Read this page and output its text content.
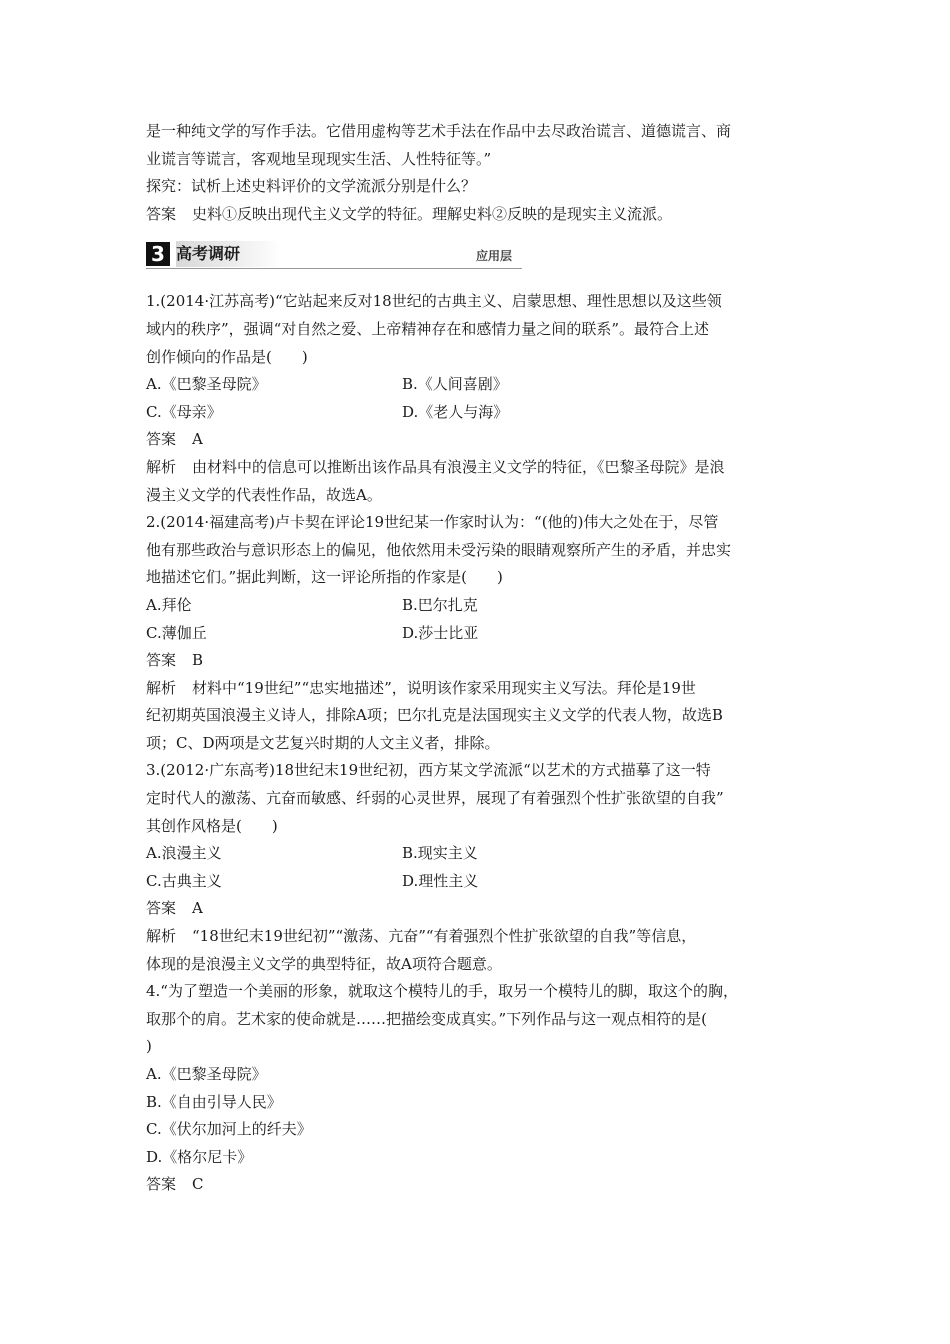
是一种纯文学的写作手法。它借用虚构等艺术手法在作品中去尽政治谎言、道德谎言、商
业谎言等谎言，客观地呈现现实生活、人性特征等。”
探究：试析上述史料评价的文学流派分别是什么？
答案 史料①反映出现代主义文学的特征。理解史料②反映的是现实主义流派。
3 高考调研	应用层
1.(2014·江苏高考)“它站起来反对18世纪的古典主义、启蒙思想、理性思想以及这些领
域内的秩序”，强调“对自然之爱、上帝精神存在和感情力量之间的联系”。最符合上述
创作倾向的作品是(　　)
A.《巴黎圣母院》	B.《人间喜剧》
C.《母亲》	D.《老人与海》
答案 A
解析 由材料中的信息可以推断出该作品具有浪漫主义文学的特征，《巴黎圣母院》是浪
漫主义文学的代表性作品，故选A。
2.(2014·福建高考)卢卡契在评论19世纪某一作家时认为：“(他的)伟大之处在于，尽管
他有那些政治与意识形态上的偏见，他依然用未受污染的眼睛观察所产生的矛盾，并忠实
地描述它们。”据此判断，这一评论所指的作家是(　　)
A.拜伦	B.巴尔扎克
C.薄伽丘	D.莎士比亚
答案 B
解析 材料中“19世纪”“忠实地描述”，说明该作家采用现实主义写法。拜伦是19世
纪初期英国浪漫主义诗人，排除A项；巴尔扎克是法国现实主义文学的代表人物，故选B
项；C、D两项是文艺复兴时期的人文主义者，排除。
3.(2012·广东高考)18世纪末19世纪初，西方某文学流派“以艺术的方式描摹了这一特
定时代人的激荡、亢奋而敏感、纤弱的心灵世界，展现了有着强烈个性扩张欲望的自我”
其创作风格是(　　)
A.浪漫主义	B.现实主义
C.古典主义	D.理性主义
答案 A
解析 “18世纪末19世纪初”“激荡、亢奋”“有着强烈个性扩张欲望的自我”等信息，
体现的是浪漫主义文学的典型特征，故A项符合题意。
4.“为了塑造一个美丽的形象，就取这个模特儿的手，取另一个模特儿的脚，取这个的胸，
取那个的肩。艺术家的使命就是……把描绘变成真实。”下列作品与这一观点相符的是(
)
A.《巴黎圣母院》
B.《自由引导人民》
C.《伏尔加河上的纤夫》
D.《格尔尼卡》
答案 C
